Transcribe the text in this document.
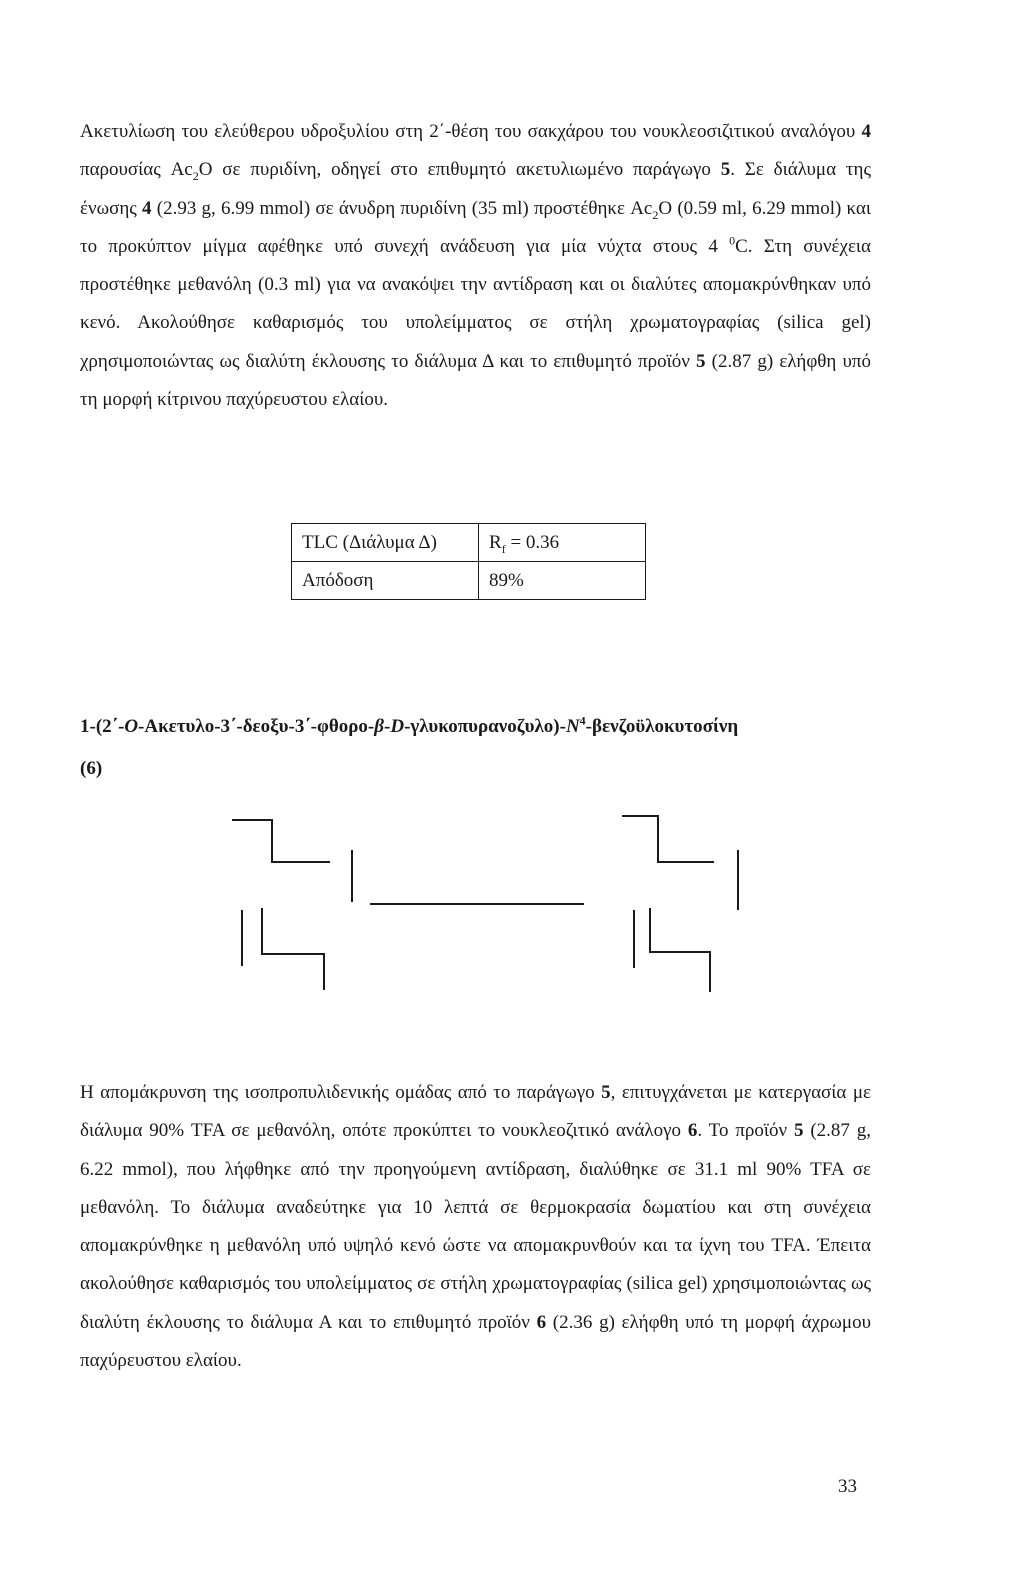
Ακετυλίωση του ελεύθερου υδροξυλίου στη 2΄-θέση του σακχάρου του νουκλεοσιζιτικού αναλόγου 4 παρουσίας $Ac_2O$ σε πυριδίνη, οδηγεί στο επιθυμητό ακετυλιωμένο παράγωγο 5. Σε διάλυμα της ένωσης 4 (2.93 g, 6.99 mmol) σε άνυδρη πυριδίνη (35 ml) προστέθηκε $Ac_2O$ (0.59 ml, 6.29 mmol) και το προκύπτον μίγμα αφέθηκε υπό συνεχή ανάδευση για μία νύχτα στους 4 $^0$C. Στη συνέχεια προστέθηκε μεθανόλη (0.3 ml) για να ανακόψει την αντίδραση και οι διαλύτες απομακρύνθηκαν υπό κενό. Ακολούθησε καθαρισμός του υπολείμματος σε στήλη χρωματογραφίας (silica gel) χρησιμοποιώντας ως διαλύτη έκλουσης το διάλυμα Δ και το επιθυμητό προϊόν 5 (2.87 g) ελήφθη υπό τη μορφή κίτρινου παχύρευστου ελαίου.
TLC (Διάλυμα Δ)	$R_f = 0.36$
Απόδοση	89%
$1-(2΄-O-A\kappa\varepsilon\tau\upsilon\lambda o-3΄-\delta\varepsilon o\xi\upsilon-3΄-\varphi\theta o\rho o-\beta-D-\gamma\lambda\upsilon\kappa o\pi\upsilon\rho\alpha\nu o\zeta\upsilon\lambda o)-N^4$-βενζοϋλοκυτοσίνη
(6)
Η απομάκρυνση της ισοπροπυλιδενικής ομάδας από το παράγωγο 5, επιτυγχάνεται με κατεργασία με διάλυμα 90% TFA σε μεθανόλη, οπότε προκύπτει το νουκλεοζιτικό ανάλογο 6. Το προϊόν 5 (2.87 g, 6.22 mmol), που λήφθηκε από την προηγούμενη αντίδραση, διαλύθηκε σε 31.1 ml 90% TFA σε μεθανόλη. Το διάλυμα αναδεύτηκε για 10 λεπτά σε θερμοκρασία δωματίου και στη συνέχεια απομακρύνθηκε η μεθανόλη υπό υψηλό κενό ώστε να απομακρυνθούν και τα ίχνη του TFA. Έπειτα ακολούθησε καθαρισμός του υπολείμματος σε στήλη χρωματογραφίας (silica gel) χρησιμοποιώντας ως διαλύτη έκλουσης το διάλυμα Α και το επιθυμητό προϊόν 6 (2.36 g) ελήφθη υπό τη μορφή άχρωμου παχύρευστου ελαίου.
33
